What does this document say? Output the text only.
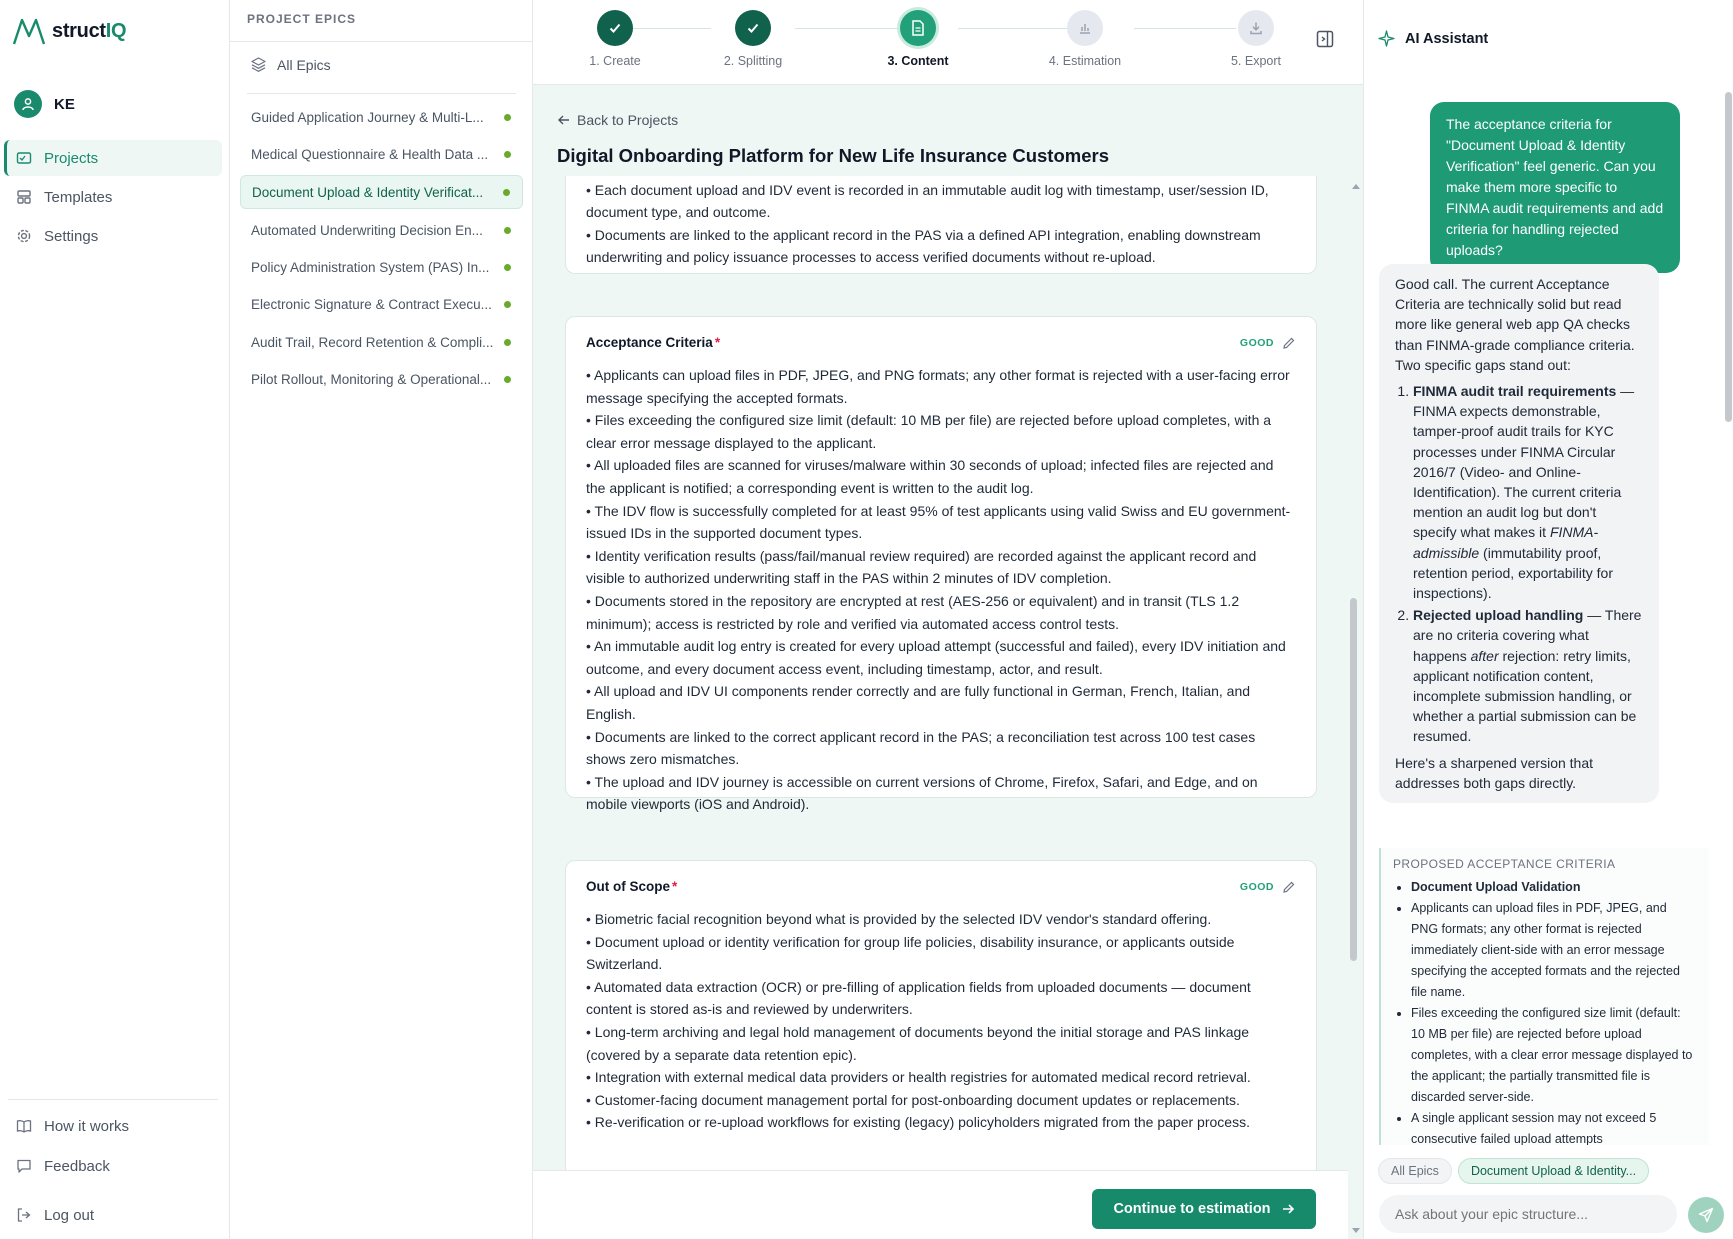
structIQ
KE
Projects
Templates
Settings
How it works
Feedback
Log out
PROJECT EPICS
All Epics
Guided Application Journey & Multi-L...
Medical Questionnaire & Health Data ...
Document Upload & Identity Verificat...
Automated Underwriting Decision En...
Policy Administration System (PAS) In...
Electronic Signature & Contract Execu...
Audit Trail, Record Retention & Compli...
Pilot Rollout, Monitoring & Operational...
1. Create	2. Splitting	3. Content	4. Estimation	5. Export
Back to Projects
Digital Onboarding Platform for New Life Insurance Customers

• Each document upload and IDV event is recorded in an immutable audit log with timestamp, user/session ID, document type, and outcome.
• Documents are linked to the applicant record in the PAS via a defined API integration, enabling downstream underwriting and policy issuance processes to access verified documents without re-upload.

Acceptance Criteria *	GOOD

• Applicants can upload files in PDF, JPEG, and PNG formats; any other format is rejected with a user-facing error message specifying the accepted formats.
• Files exceeding the configured size limit (default: 10 MB per file) are rejected before upload completes, with a clear error message displayed to the applicant.
• All uploaded files are scanned for viruses/malware within 30 seconds of upload; infected files are rejected and the applicant is notified; a corresponding event is written to the audit log.
• The IDV flow is successfully completed for at least 95% of test applicants using valid Swiss and EU government-issued IDs in the supported document types.
• Identity verification results (pass/fail/manual review required) are recorded against the applicant record and visible to authorized underwriting staff in the PAS within 2 minutes of IDV completion.
• Documents stored in the repository are encrypted at rest (AES-256 or equivalent) and in transit (TLS 1.2 minimum); access is restricted by role and verified via automated access control tests.
• An immutable audit log entry is created for every upload attempt (successful and failed), every IDV initiation and outcome, and every document access event, including timestamp, actor, and result.
• All upload and IDV UI components render correctly and are fully functional in German, French, Italian, and English.
• Documents are linked to the correct applicant record in the PAS; a reconciliation test across 100 test cases shows zero mismatches.
• The upload and IDV journey is accessible on current versions of Chrome, Firefox, Safari, and Edge, and on mobile viewports (iOS and Android).

Out of Scope *	GOOD

• Biometric facial recognition beyond what is provided by the selected IDV vendor's standard offering.
• Document upload or identity verification for group life policies, disability insurance, or applicants outside Switzerland.
• Automated data extraction (OCR) or pre-filling of application fields from uploaded documents — document content is stored as-is and reviewed by underwriters.
• Long-term archiving and legal hold management of documents beyond the initial storage and PAS linkage (covered by a separate data retention epic).
• Integration with external medical data providers or health registries for automated medical record retrieval.
• Customer-facing document management portal for post-onboarding document updates or replacements.
• Re-verification or re-upload workflows for existing (legacy) policyholders migrated from the paper process.

Continue to estimation
AI Assistant
The acceptance criteria for "Document Upload & Identity Verification" feel generic. Can you make them more specific to FINMA audit requirements and add criteria for handling rejected uploads?
Good call. The current Acceptance Criteria are technically solid but read more like general web app QA checks than FINMA-grade compliance criteria. Two specific gaps stand out:
1. FINMA audit trail requirements — FINMA expects demonstrable, tamper-proof audit trails for KYC processes under FINMA Circular 2016/7 (Video- and Online-Identification). The current criteria mention an audit log but don't specify what makes it FINMA-admissible (immutability proof, retention period, exportability for inspections).
2. Rejected upload handling — There are no criteria covering what happens after rejection: retry limits, applicant notification content, incomplete submission handling, or whether a partial submission can be resumed.
Here's a sharpened version that addresses both gaps directly.
PROPOSED ACCEPTANCE CRITERIA
• Document Upload Validation
• Applicants can upload files in PDF, JPEG, and PNG formats; any other format is rejected immediately client-side with an error message specifying the accepted formats and the rejected file name.
• Files exceeding the configured size limit (default: 10 MB per file) are rejected before upload completes, with a clear error message displayed to the applicant; the partially transmitted file is discarded server-side.
• A single applicant session may not exceed 5 consecutive failed upload attempts
All Epics	Document Upload & Identity...
Ask about your epic structure...
